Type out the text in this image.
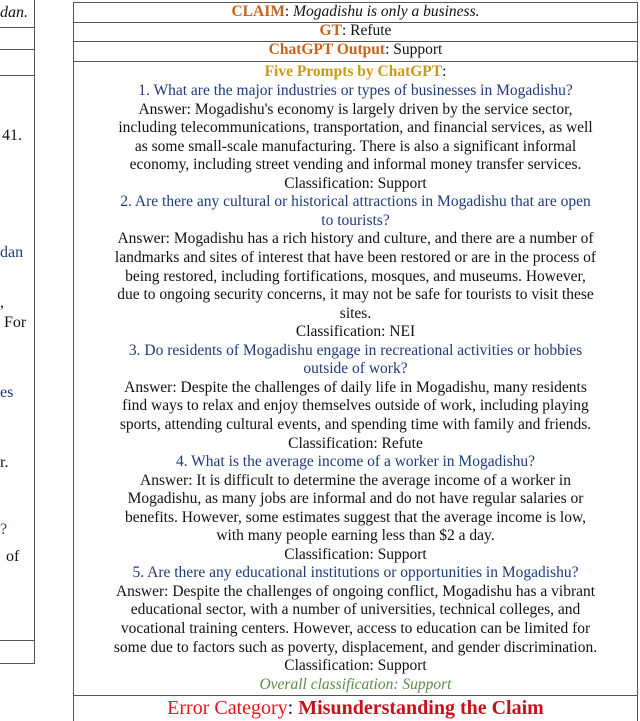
dan.
41.
dan
,
For
es
r.
?
of
CLAIM: Mogadishu is only a business.
GT: Refute
ChatGPT Output: Support
Five Prompts by ChatGPT:
1. What are the major industries or types of businesses in Mogadishu?
Answer: Mogadishu's economy is largely driven by the service sector,
including telecommunications, transportation, and financial services, as well
as some small-scale manufacturing. There is also a significant informal
economy, including street vending and informal money transfer services.
Classification: Support
2. Are there any cultural or historical attractions in Mogadishu that are open
to tourists?
Answer: Mogadishu has a rich history and culture, and there are a number of
landmarks and sites of interest that have been restored or are in the process of
being restored, including fortifications, mosques, and museums. However,
due to ongoing security concerns, it may not be safe for tourists to visit these
sites.
Classification: NEI
3. Do residents of Mogadishu engage in recreational activities or hobbies
outside of work?
Answer: Despite the challenges of daily life in Mogadishu, many residents
find ways to relax and enjoy themselves outside of work, including playing
sports, attending cultural events, and spending time with family and friends.
Classification: Refute
4. What is the average income of a worker in Mogadishu?
Answer: It is difficult to determine the average income of a worker in
Mogadishu, as many jobs are informal and do not have regular salaries or
benefits. However, some estimates suggest that the average income is low,
with many people earning less than $2 a day.
Classification: Support
5. Are there any educational institutions or opportunities in Mogadishu?
Answer: Despite the challenges of ongoing conflict, Mogadishu has a vibrant
educational sector, with a number of universities, technical colleges, and
vocational training centers. However, access to education can be limited for
some due to factors such as poverty, displacement, and gender discrimination.
Classification: Support
Overall classification: Support
Error Category: Misunderstanding the Claim
